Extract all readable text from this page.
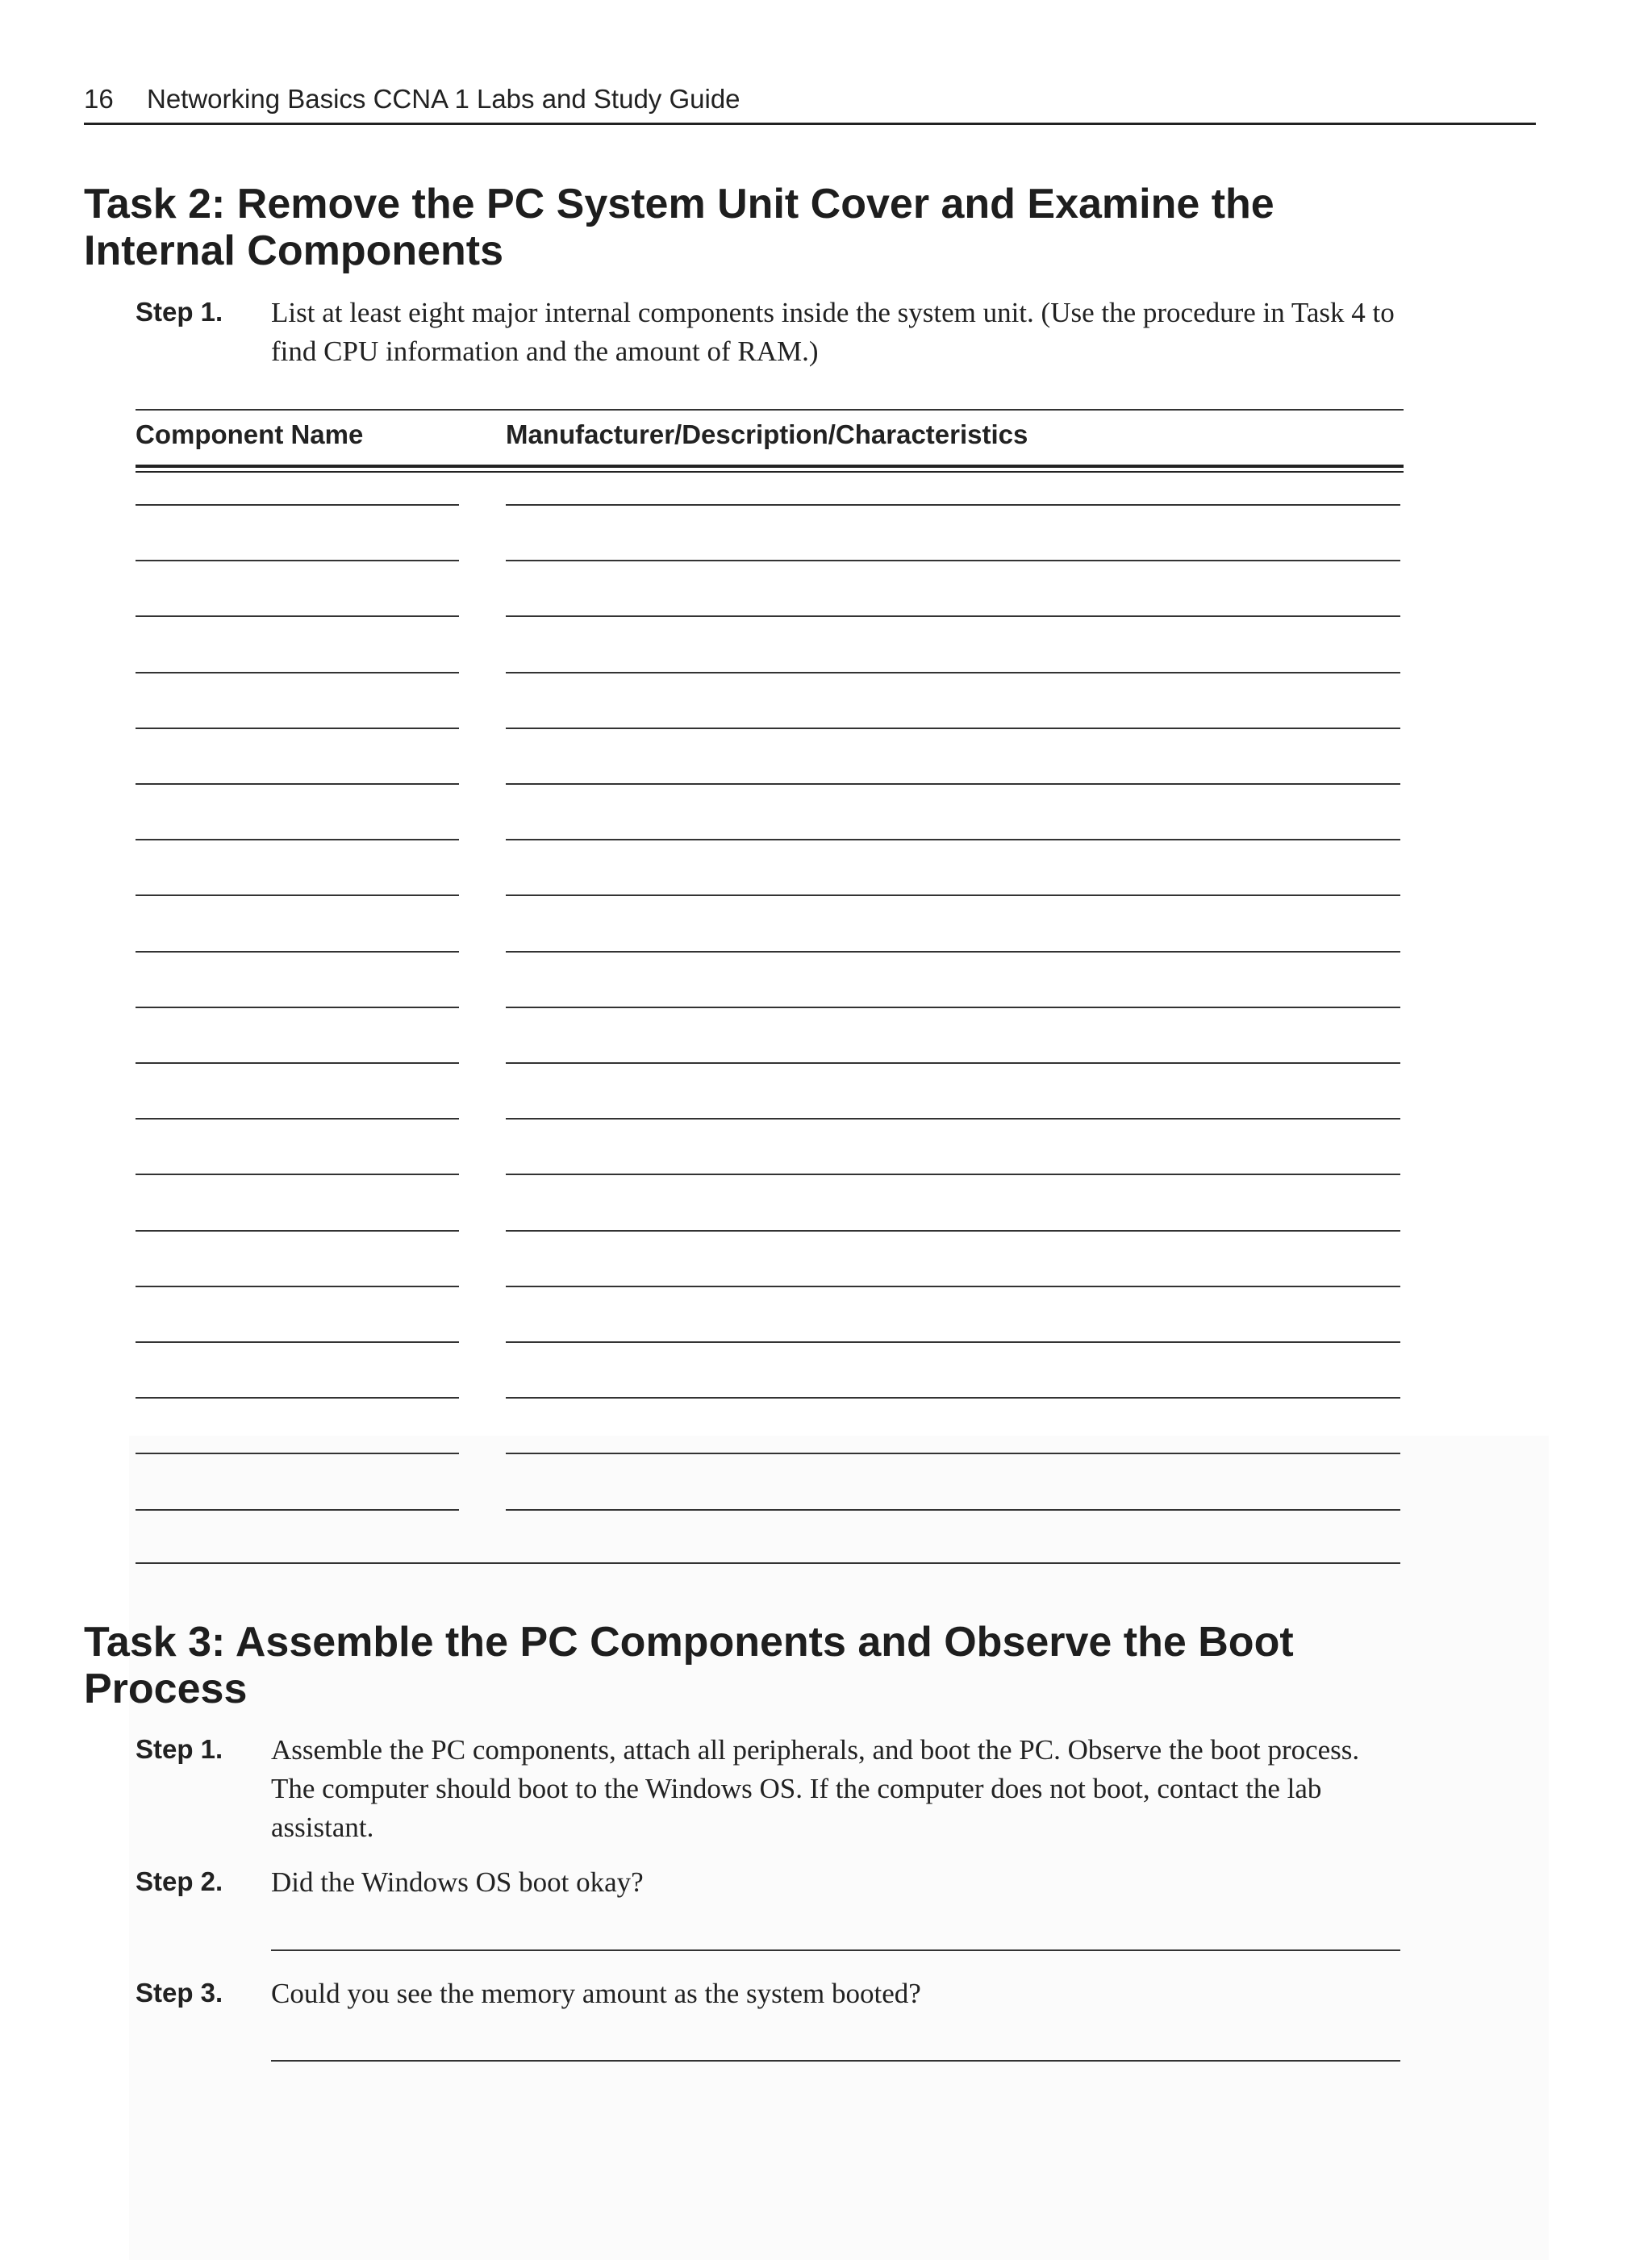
16 Networking Basics CCNA 1 Labs and Study Guide
Task 2: Remove the PC System Unit Cover and Examine the
Internal Components
Step 1. List at least eight major internal components inside the system unit. (Use the procedure in Task 4 to find CPU information and the amount of RAM.)
Component Name	Manufacturer/Description/Characteristics
Task 3: Assemble the PC Components and Observe the Boot
Process
Step 1. Assemble the PC components, attach all peripherals, and boot the PC. Observe the boot process. The computer should boot to the Windows OS. If the computer does not boot, contact the lab assistant.
Step 2. Did the Windows OS boot okay?
Step 3. Could you see the memory amount as the system booted?
